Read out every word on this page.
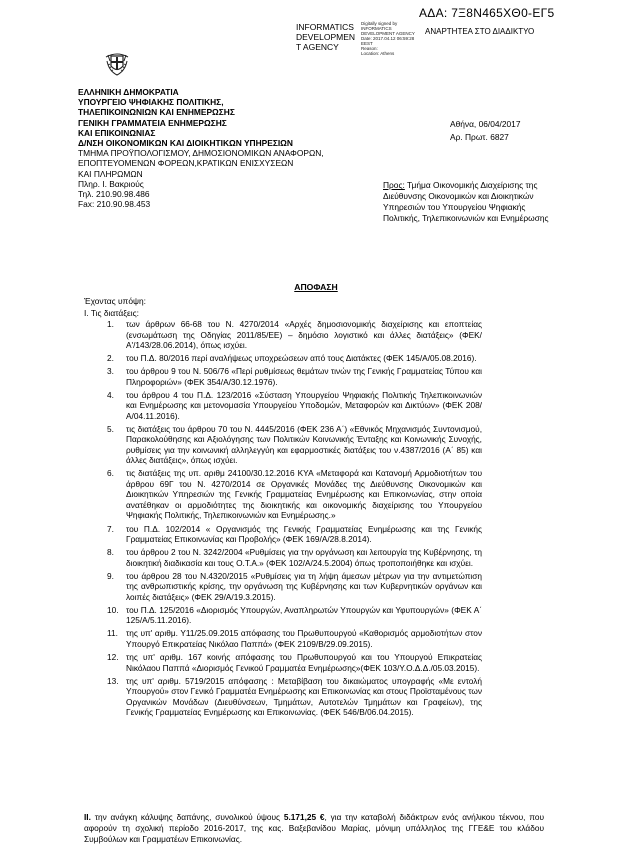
ΑΔΑ: 7Ξ8Ν465ΧΘ0-ΕΓ5
INFORMATICS DEVELOPMEN T AGENCY
Digitally signed by
INFORMATICS
DEVELOPMENT AGENCY
Date: 2017.04.12 06:59:28
EEST
Reason:
Location: Athens
ΑΝΑΡΤΗΤΕΑ ΣΤΟ ΔΙΑΔΙΚΤΥΟ
ΕΛΛΗΝΙΚΗ ΔΗΜΟΚΡΑΤΙΑ
ΥΠΟΥΡΓΕΙΟ ΨΗΦΙΑΚΗΣ ΠΟΛΙΤΙΚΗΣ,
ΤΗΛΕΠΙΚΟΙΝΩΝΙΩΝ ΚΑΙ ΕΝΗΜΕΡΩΣΗΣ
ΓΕΝΙΚΗ ΓΡΑΜΜΑΤΕΙΑ ΕΝΗΜΕΡΩΣΗΣ
ΚΑΙ ΕΠΙΚΟΙΝΩΝΙΑΣ
Δ/ΝΣΗ ΟΙΚΟΝΟΜΙΚΩΝ ΚΑΙ ΔΙΟΙΚΗΤΙΚΩΝ ΥΠΗΡΕΣΙΩΝ
ΤΜΗΜΑ ΠΡΟΫΠΟΛΟΓΙΣΜΟΥ, ΔΗΜΟΣΙΟΝΟΜΙΚΩΝ ΑΝΑΦΟΡΩΝ,
ΕΠΟΠΤΕΥΟΜΕΝΩΝ ΦΟΡΕΩΝ,ΚΡΑΤΙΚΩΝ ΕΝΙΣΧΥΣΕΩΝ
ΚΑΙ ΠΛΗΡΩΜΩΝ
Πληρ. Ι. Βακριούς
Τηλ. 210.90.98.486
Fax: 210.90.98.453
Αθήνα, 06/04/2017
Αρ. Πρωτ. 6827
Προς: Τμήμα Οικονομικής Διαχείρισης της Διεύθυνσης Οικονομικών και Διοικητικών Υπηρεσιών του Υπουργείου Ψηφιακής Πολιτικής, Τηλεπικοινωνιών και Ενημέρωσης
ΑΠΟΦΑΣΗ
Έχοντας υπόψη:
Ι. Τις διατάξεις:
1. των άρθρων 66-68 του Ν. 4270/2014 «Αρχές δημοσιονομικής διαχείρισης και εποπτείας (ενσωμάτωση της Οδηγίας 2011/85/ΕΕ) – δημόσιο λογιστικό και άλλες διατάξεις» (ΦΕΚ/Α'/143/28.06.2014), όπως ισχύει.
2. του Π.Δ. 80/2016 περί αναλήψεως υποχρεώσεων από τους Διατάκτες (ΦΕΚ 145/Α/05.08.2016).
3. του άρθρου 9 του Ν. 506/76 «Περί ρυθμίσεως θεμάτων τινών της Γενικής Γραμματείας Τύπου και Πληροφοριών» (ΦΕΚ 354/Α/30.12.1976).
4. του άρθρου 4 του Π.Δ. 123/2016 «Σύσταση Υπουργείου Ψηφιακής Πολιτικής Τηλεπικοινωνιών και Ενημέρωσης και μετονομασία Υπουργείου Υποδομών, Μεταφορών και Δικτύων» (ΦΕΚ 208/Α/04.11.2016).
5. τις διατάξεις του άρθρου 70 του Ν. 4445/2016 (ΦΕΚ 236 Α΄) «Εθνικός Μηχανισμός Συντονισμού, Παρακολούθησης και Αξιολόγησης των Πολιτικών Κοινωνικής Ένταξης και Κοινωνικής Συνοχής, ρυθμίσεις για την κοινωνική αλληλεγγύη και εφαρμοστικές διατάξεις του ν.4387/2016 (Α΄ 85) και άλλες διατάξεις», όπως ισχύει.
6. τις διατάξεις της υπ. αριθμ 24100/30.12.2016 ΚΥΑ «Μεταφορά και Κατανομή Αρμοδιοτήτων του άρθρου 69Γ του Ν. 4270/2014 σε Οργανικές Μονάδες της Διεύθυνσης Οικονομικών και Διοικητικών Υπηρεσιών της Γενικής Γραμματείας Ενημέρωσης και Επικοινωνίας, στην οποία ανατέθηκαν οι αρμοδιότητες της διοικητικής και οικονομικής διαχείρισης του Υπουργείου Ψηφιακής Πολιτικής, Τηλεπικοινωνιών και Ενημέρωσης.»
7. του Π.Δ. 102/2014 « Οργανισμός της Γενικής Γραμματείας Ενημέρωσης και της Γενικής Γραμματείας Επικοινωνίας και Προβολής» (ΦΕΚ 169/Α/28.8.2014).
8. του άρθρου 2 του Ν. 3242/2004 «Ρυθμίσεις για την οργάνωση και λειτουργία της Κυβέρνησης, τη διοικητική διαδικασία και τους Ο.Τ.Α.» (ΦΕΚ 102/Α/24.5.2004) όπως τροποποιήθηκε και ισχύει.
9. του άρθρου 28 του Ν.4320/2015 «Ρυθμίσεις για τη λήψη άμεσων μέτρων για την αντιμετώπιση της ανθρωπιστικής κρίσης, την οργάνωση της Κυβέρνησης και των Κυβερνητικών οργάνων και λοιπές διατάξεις» (ΦΕΚ 29/Α/19.3.2015).
10. του Π.Δ. 125/2016 «Διορισμός Υπουργών, Αναπληρωτών Υπουργών και Υφυπουργών» (ΦΕΚ Α΄ 125/Α/5.11.2016).
11. της υπ' αριθμ. Υ11/25.09.2015 απόφασης του Πρωθυπουργού «Καθορισμός αρμοδιοτήτων στον Υπουργό Επικρατείας Νικόλαο Παππά» (ΦΕΚ 2109/Β/29.09.2015).
12. της υπ' αριθμ. 167 κοινής απόφασης του Πρωθυπουργού και του Υπουργού Επικρατείας Νικόλαου Παππά «Διορισμός Γενικού Γραμματέα Ενημέρωσης»(ΦΕΚ 103/Υ.Ο.Δ.Δ./05.03.2015).
13. της υπ' αριθμ. 5719/2015 απόφασης : Μεταβίβαση του δικαιώματος υπογραφής «Με εντολή Υπουργού» στον Γενικό Γραμματέα Ενημέρωσης και Επικοινωνίας και στους Προϊσταμένους των Οργανικών Μονάδων (Διευθύνσεων, Τμημάτων, Αυτοτελών Τμημάτων και Γραφείων), της Γενικής Γραμματείας Ενημέρωσης και Επικοινωνίας. (ΦΕΚ 546/Β/06.04.2015).
ΙΙ. την ανάγκη κάλυψης δαπάνης, συνολικού ύψους 5.171,25 €, για την καταβολή διδάκτρων ενός ανήλικου τέκνου, που αφορούν τη σχολική περίοδο 2016-2017, της κας. Βαξεβανίδου Μαρίας, μόνιμη υπάλληλος της ΓΓΕ&Ε του κλάδου Συμβούλων και Γραμματέων Επικοινωνίας.
